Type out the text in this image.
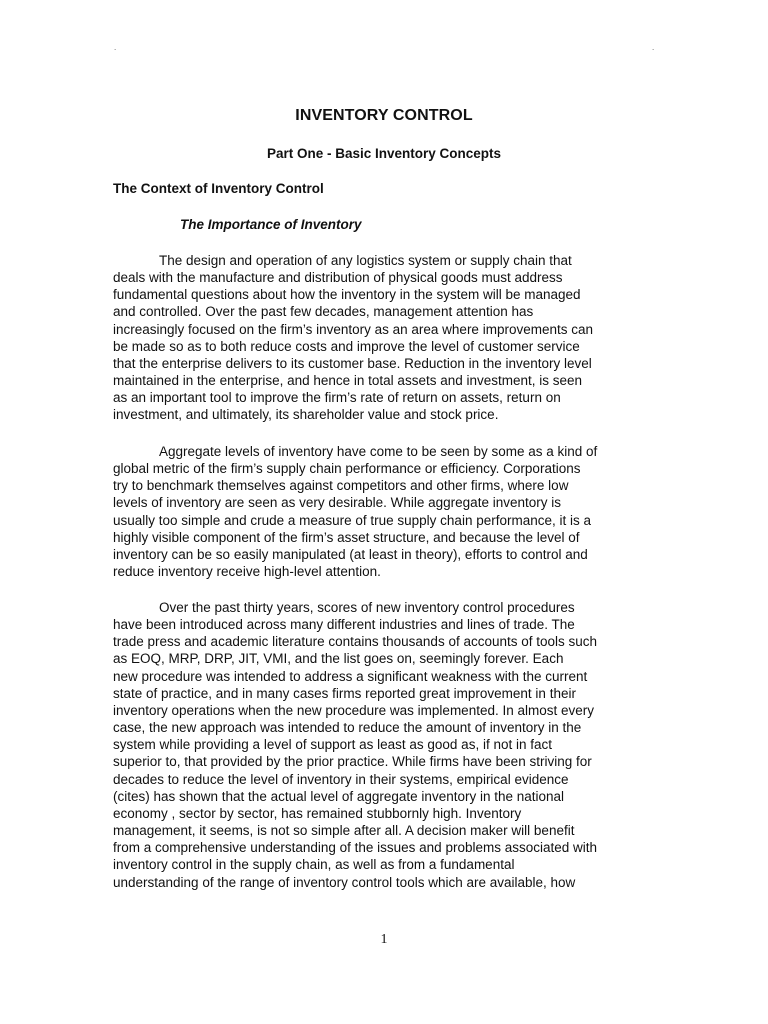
.	.
INVENTORY CONTROL
Part One - Basic Inventory Concepts
The Context of Inventory Control
The Importance of Inventory
The design and operation of any logistics system or supply chain that
deals with the manufacture and distribution of physical goods must address
fundamental questions about how the inventory in the system will be managed
and controlled. Over the past few decades, management attention has
increasingly focused on the firm’s inventory as an area where improvements can
be made so as to both reduce costs and improve the level of customer service
that the enterprise delivers to its customer base. Reduction in the inventory level
maintained in the enterprise, and hence in total assets and investment, is seen
as an important tool to improve the firm’s rate of return on assets, return on
investment, and ultimately, its shareholder value and stock price.
Aggregate levels of inventory have come to be seen by some as a kind of
global metric of the firm’s supply chain performance or efficiency. Corporations
try to benchmark themselves against competitors and other firms, where low
levels of inventory are seen as very desirable. While aggregate inventory is
usually too simple and crude a measure of true supply chain performance, it is a
highly visible component of the firm’s asset structure, and because the level of
inventory can be so easily manipulated (at least in theory), efforts to control and
reduce inventory receive high-level attention.
Over the past thirty years, scores of new inventory control procedures
have been introduced across many different industries and lines of trade. The
trade press and academic literature contains thousands of accounts of tools such
as EOQ, MRP, DRP, JIT, VMI, and the list goes on, seemingly forever. Each
new procedure was intended to address a significant weakness with the current
state of practice, and in many cases firms reported great improvement in their
inventory operations when the new procedure was implemented. In almost every
case, the new approach was intended to reduce the amount of inventory in the
system while providing a level of support as least as good as, if not in fact
superior to, that provided by the prior practice. While firms have been striving for
decades to reduce the level of inventory in their systems, empirical evidence
(cites) has shown that the actual level of aggregate inventory in the national
economy , sector by sector, has remained stubbornly high. Inventory
management, it seems, is not so simple after all. A decision maker will benefit
from a comprehensive understanding of the issues and problems associated with
inventory control in the supply chain, as well as from a fundamental
understanding of the range of inventory control tools which are available, how
1
